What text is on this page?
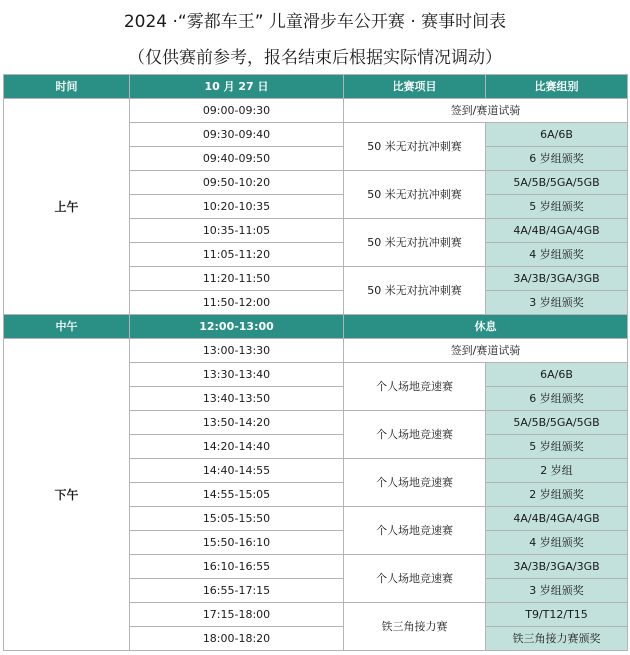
2024 ·“雾都车王” 儿童滑步车公开赛 · 赛事时间表
（仅供赛前参考，报名结束后根据实际情况调动）
时间	10 月 27 日	比赛项目	比赛组别
上午	09:00-09:30	签到/赛道试骑	
	09:30-09:40	50 米无对抗冲刺赛	6A/6B
	09:40-09:50		6 岁组颁奖
	09:50-10:20	50 米无对抗冲刺赛	5A/5B/5GA/5GB
	10:20-10:35		5 岁组颁奖
	10:35-11:05	50 米无对抗冲刺赛	4A/4B/4GA/4GB
	11:05-11:20		4 岁组颁奖
	11:20-11:50	50 米无对抗冲刺赛	3A/3B/3GA/3GB
	11:50-12:00		3 岁组颁奖
中午	12:00-13:00	休息	
下午	13:00-13:30	签到/赛道试骑	
	13:30-13:40	个人场地竞速赛	6A/6B
	13:40-13:50		6 岁组颁奖
	13:50-14:20	个人场地竞速赛	5A/5B/5GA/5GB
	14:20-14:40		5 岁组颁奖
	14:40-14:55	个人场地竞速赛	2 岁组
	14:55-15:05		2 岁组颁奖
	15:05-15:50	个人场地竞速赛	4A/4B/4GA/4GB
	15:50-16:10		4 岁组颁奖
	16:10-16:55	个人场地竞速赛	3A/3B/3GA/3GB
	16:55-17:15		3 岁组颁奖
	17:15-18:00	铁三角接力赛	T9/T12/T15
	18:00-18:20		铁三角接力赛颁奖
